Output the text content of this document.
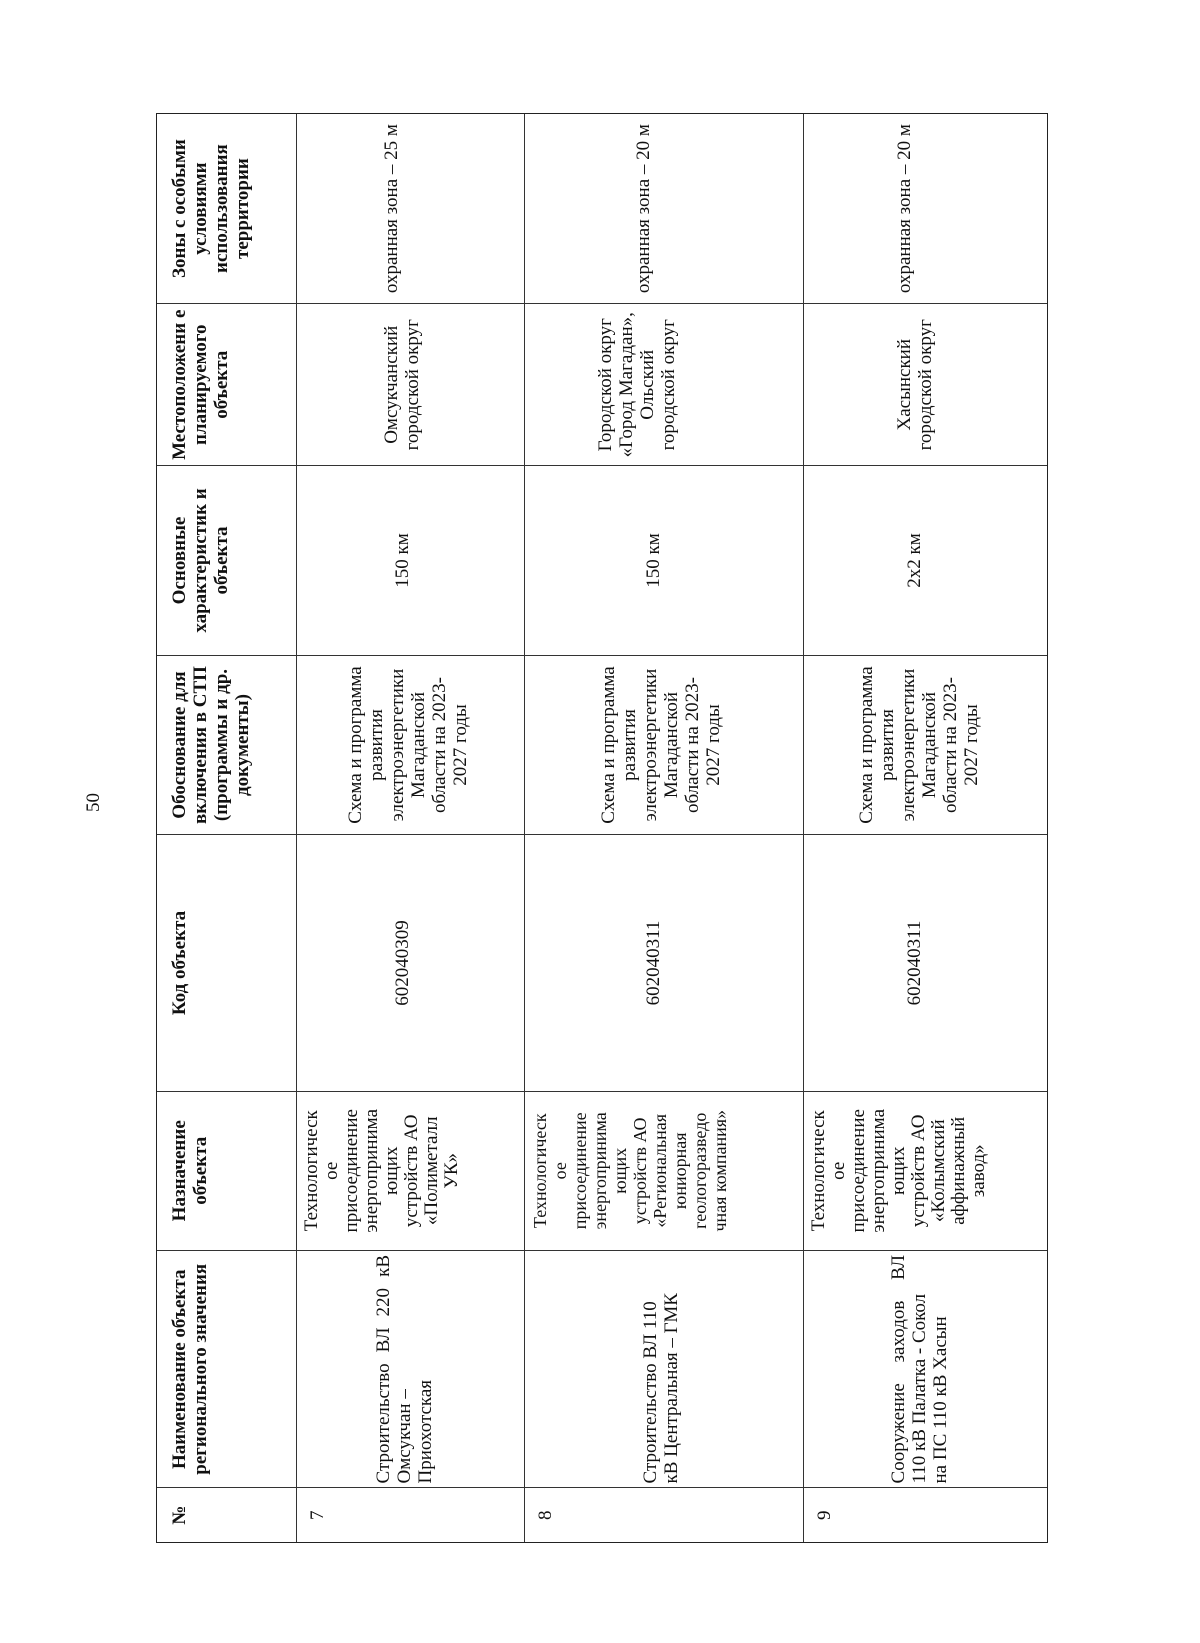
50
№
Наименование объекта регионального значения
Назначение объекта
Код объекта
Обоснование для включения в СТП (программы и др. документы)
Основные характеристик и объекта
Местоположени е планируемого объекта
Зоны с особыми условиями использования территории
7
Строительство ВЛ 220 кВ Омсукчан – Приохотская
Технологическ
ое
присоединение
энергопринима
ющих
устройств АО
«Полиметалл
УК»
602040309
Схема и программа развития электроэнергетики Магаданской области на 2023-2027 годы
150 км
Омсукчанский городской округ
охранная зона – 25 м
8
Строительство ВЛ 110 кВ Центральная – ГМК
Технологическ
ое
присоединение
энергопринима
ющих
устройств АО
«Региональная
юниорная
геологоразведо
чная компания»
602040311
Схема и программа развития электроэнергетики Магаданской области на 2023-2027 годы
150 км
Городской округ «Город Магадан», Ольский городской округ
охранная зона – 20 м
9
Сооружение заходов ВЛ 110 кВ Палатка - Сокол на ПС 110 кВ Хасын
Технологическ
ое
присоединение
энергопринима
ющих
устройств АО
«Колымский
аффинажный
завод»
602040311
Схема и программа развития электроэнергетики Магаданской области на 2023-2027 годы
2х2 км
Хасынский городской округ
охранная зона – 20 м
